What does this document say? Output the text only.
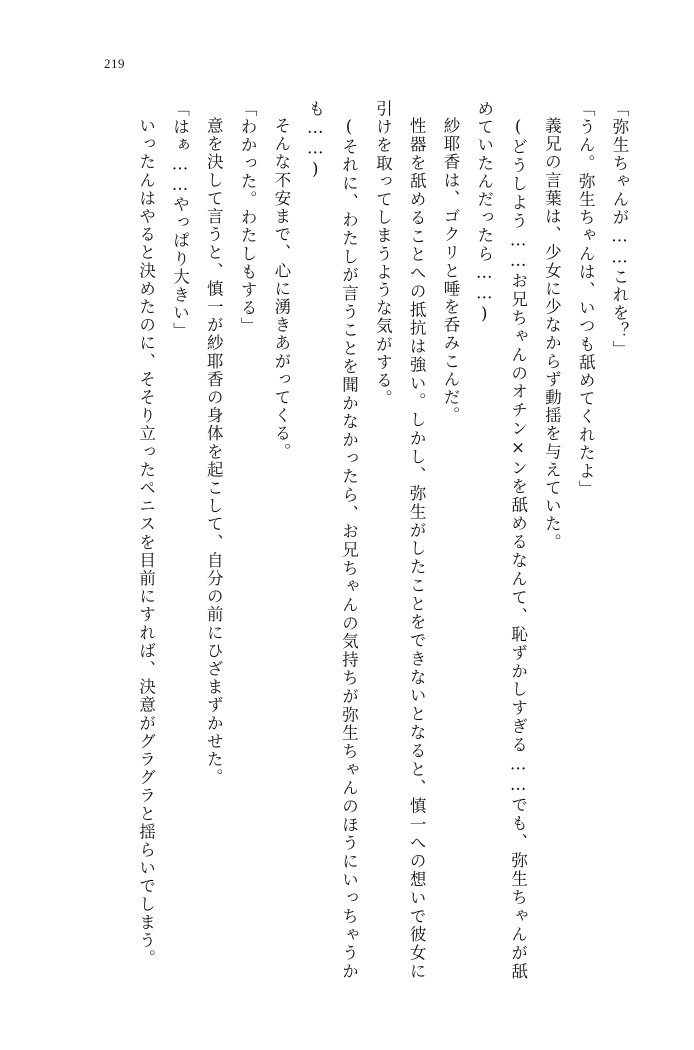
219

「弥生ちゃんが……これを？」

「うん。弥生ちゃんは、いつも舐めてくれたよ」

義兄の言葉は、少女に少なからず動揺を与えていた。

(どうしよう……お兄ちゃんのオチン×ンを舐めるなんて、恥ずかしすぎる……でも、弥生ちゃんが舐めていたんだったら……)

紗耶香は、ゴクリと唾を呑みこんだ。

性器を舐めることへの抵抗は強い。しかし、弥生がしたことをできないとなると、慎一への想いで彼女に引けを取ってしまうような気がする。

(それに、わたしが言うことを聞かなかったら、お兄ちゃんの気持ちが弥生ちゃんのほうにいっちゃうかも……)

そんな不安まで、心に湧きあがってくる。

「わかった。わたしもする」

意を決して言うと、慎一が紗耶香の身体を起こして、自分の前にひざまずかせた。

「はぁ……やっぱり大きい」

いったんはやると決めたのに、そそり立ったペニスを目前にすれば、決意がグラグラと揺らいでしまう。
